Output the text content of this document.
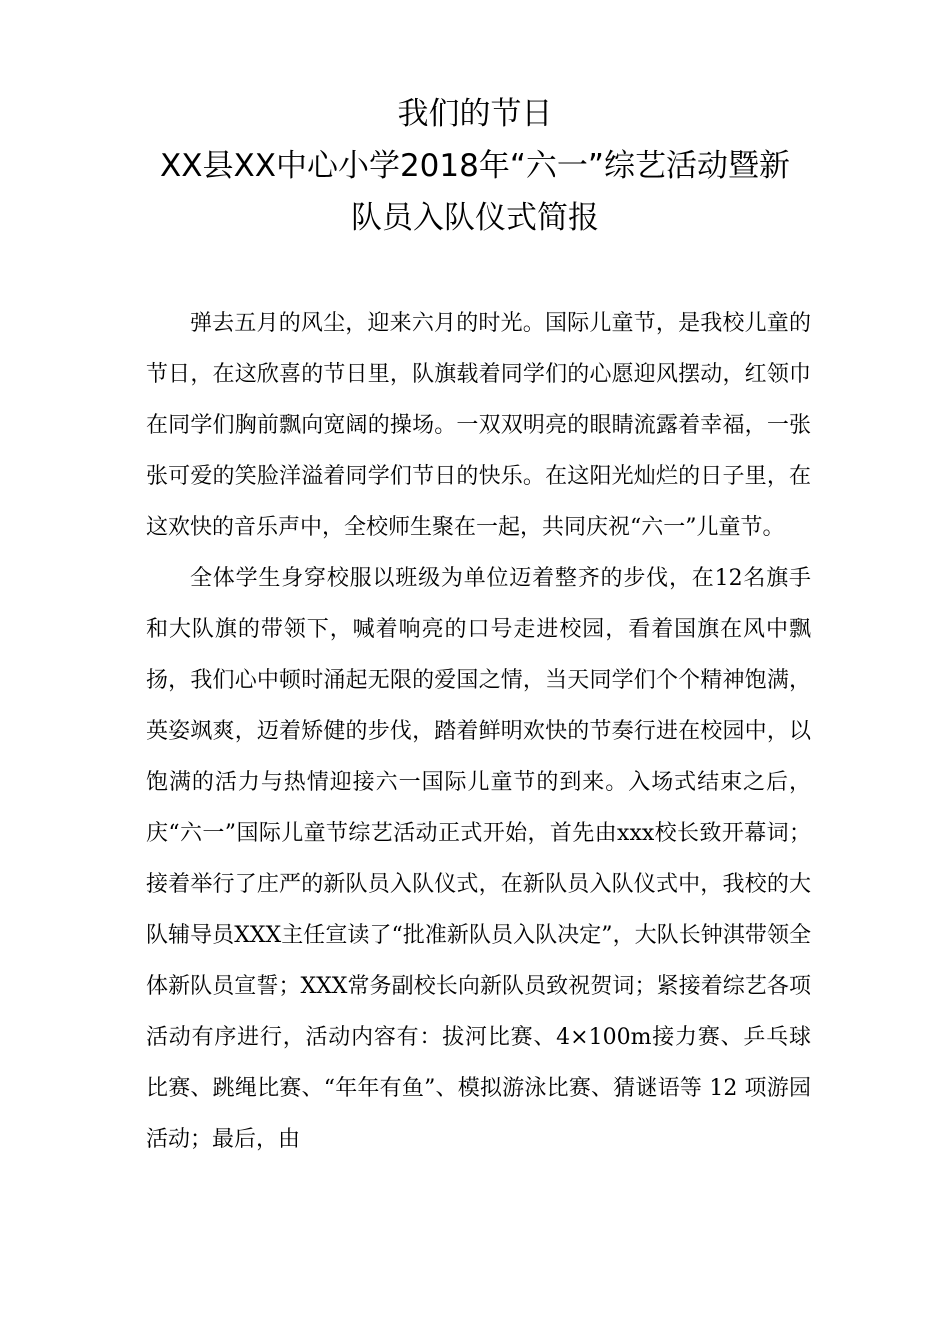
我们的节日
XX县XX中心小学2018年“六一”综艺活动暨新
队员入队仪式简报

弹去五月的风尘，迎来六月的时光。国际儿童节，是我校儿童的节日，在这欣喜的节日里，队旗载着同学们的心愿迎风摆动，红领巾在同学们胸前飘向宽阔的操场。一双双明亮的眼睛流露着幸福，一张张可爱的笑脸洋溢着同学们节日的快乐。在这阳光灿烂的日子里，在这欢快的音乐声中，全校师生聚在一起，共同庆祝“六一”儿童节。

全体学生身穿校服以班级为单位迈着整齐的步伐，在12名旗手和大队旗的带领下，喊着响亮的口号走进校园，看着国旗在风中飘扬，我们心中顿时涌起无限的爱国之情，当天同学们个个精神饱满，英姿飒爽，迈着矫健的步伐，踏着鲜明欢快的节奏行进在校园中，以饱满的活力与热情迎接六一国际儿童节的到来。入场式结束之后，庆“六一”国际儿童节综艺活动正式开始，首先由xxx校长致开幕词；接着举行了庄严的新队员入队仪式，在新队员入队仪式中，我校的大队辅导员XXX主任宣读了“批准新队员入队决定”，大队长钟淇带领全体新队员宣誓；XXX常务副校长向新队员致祝贺词；紧接着综艺各项活动有序进行，活动内容有：拔河比赛、4×100m接力赛、乒乓球比赛、跳绳比赛、“年年有鱼”、模拟游泳比赛、猜谜语等 12 项游园活动；最后，由
